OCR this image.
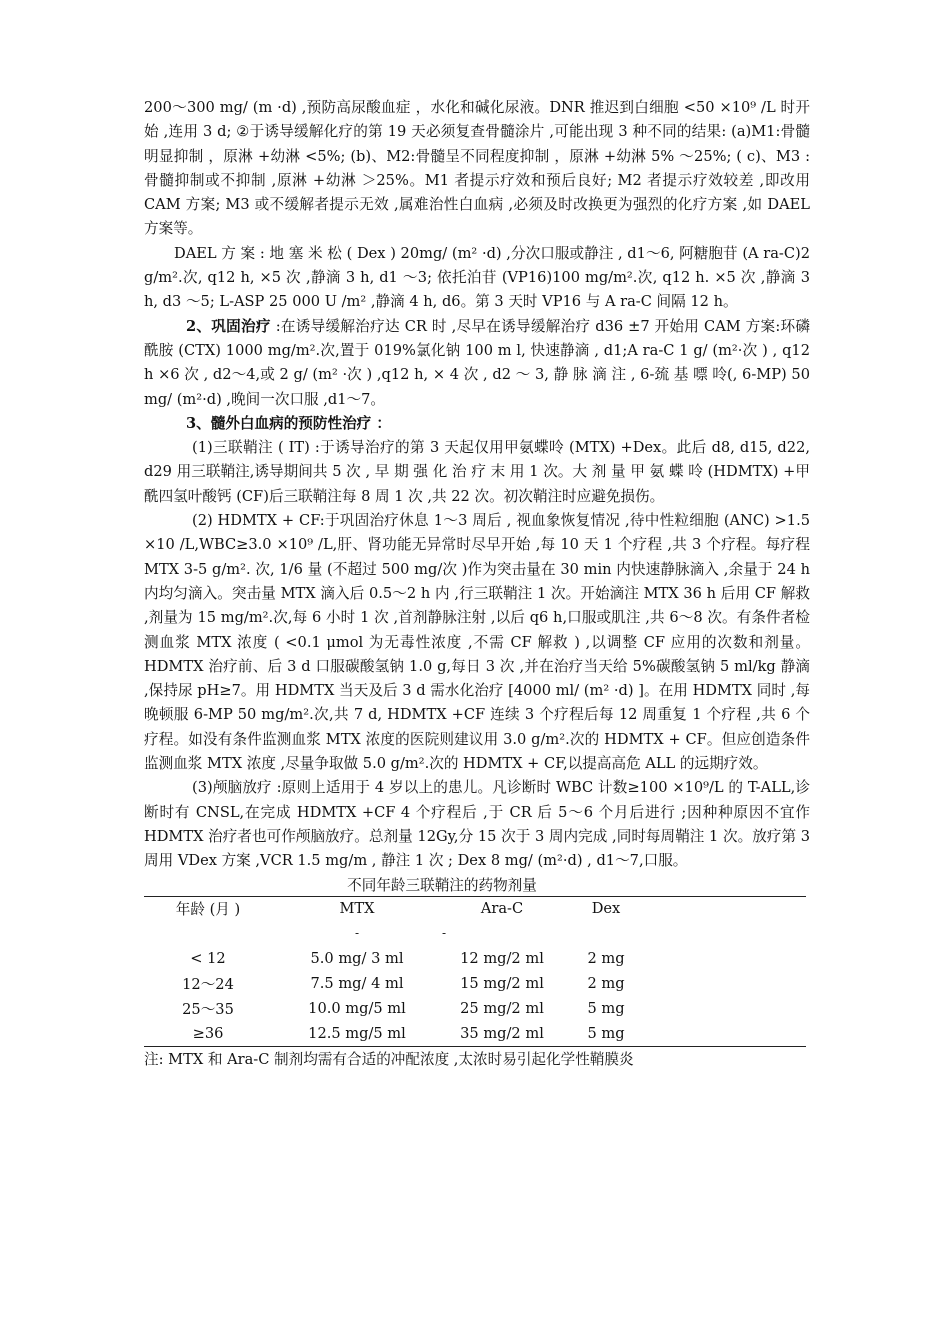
200～300 mg/ (m ·d) ,预防高尿酸血症 ，水化和碱化尿液。DNR 推迟到白细胞 <50 ×10⁹ /L 时开始 ,连用 3 d; ②于诱导缓解化疗的第 19 天必须复查骨髓涂片 ,可能出现 3 种不同的结果: (a)M1:骨髓明显抑制 ，原淋 +幼淋 <5%; (b)、M2:骨髓呈不同程度抑制 ，原淋 +幼淋 5% ～25%; ( c)、M3 :骨髓抑制或不抑制 ,原淋 +幼淋 ＞25%。M1 者提示疗效和预后良好; M2 者提示疗效较差 ,即改用 CAM 方案; M3 或不缓解者提示无效 ,属难治性白血病 ,必须及时改换更为强烈的化疗方案 ,如 DAEL 方案等。

DAEL 方 案 : 地 塞 米 松 ( Dex ) 20mg/ (m² ·d) ,分次口服或静注 , d1～6, 阿糖胞苷 (A ra-C)2 g/m².次, q12 h, ×5 次 ,静滴 3 h, d1 ～3; 依托泊苷 (VP16)100 mg/m².次, q12 h. ×5 次 ,静滴 3 h, d3 ～5; L-ASP 25 000 U /m² ,静滴 4 h, d6。第 3 天时 VP16 与 A ra-C 间隔 12 h。

2、巩固治疗 :在诱导缓解治疗达 CR 时 ,尽早在诱导缓解治疗 d36 ±7 开始用 CAM 方案:环磷酰胺 (CTX) 1000 mg/m².次,置于 019%氯化钠 100 m l, 快速静滴 , d1;A ra-C 1 g/ (m²·次 ) , q12 h ×6 次 , d2～4,或 2 g/ (m² ·次 ) ,q12 h, × 4 次 , d2 ～ 3, 静 脉 滴 注 , 6-巯 基 嘌 呤(, 6-MP) 50 mg/ (m²·d) ,晚间一次口服 ,d1～7。

3、髓外白血病的预防性治疗 ：

(1)三联鞘注 ( IT) :于诱导治疗的第 3 天起仅用甲氨蝶呤 (MTX) +Dex。此后 d8, d15, d22, d29 用三联鞘注,诱导期间共 5 次 , 早 期 强 化 治 疗 末 用 1 次。大 剂 量 甲 氨 蝶 呤 (HDMTX) +甲酰四氢叶酸钙 (CF)后三联鞘注每 8 周 1 次 ,共 22 次。初次鞘注时应避免损伤。

(2) HDMTX + CF:于巩固治疗休息 1～3 周后 , 视血象恢复情况 ,待中性粒细胞 (ANC) >1.5 ×10 /L,WBC≥3.0 ×10⁹ /L,肝、肾功能无异常时尽早开始 ,每 10 天 1 个疗程 ,共 3 个疗程。每疗程 MTX 3-5 g/m². 次, 1/6 量 (不超过 500 mg/次 )作为突击量在 30 min 内快速静脉滴入 ,余量于 24 h 内均匀滴入。突击量 MTX 滴入后 0.5～2 h 内 ,行三联鞘注 1 次。开始滴注 MTX 36 h 后用 CF 解救 ,剂量为 15 mg/m².次,每 6 小时 1 次 ,首剂静脉注射 ,以后 q6 h,口服或肌注 ,共 6～8 次。有条件者检测血浆 MTX 浓度 ( <0.1 μmol 为无毒性浓度 ,不需 CF 解救 ) ,以调整 CF 应用的次数和剂量。HDMTX 治疗前、后 3 d 口服碳酸氢钠 1.0 g,每日 3 次 ,并在治疗当天给 5%碳酸氢钠 5 ml/kg 静滴 ,保持尿 pH≥7。用 HDMTX 当天及后 3 d 需水化治疗 [4000 ml/ (m² ·d) ]。在用 HDMTX 同时 ,每晚顿服 6-MP 50 mg/m².次,共 7 d, HDMTX +CF 连续 3 个疗程后每 12 周重复 1 个疗程 ,共 6 个疗程。如没有条件监测血浆 MTX 浓度的医院则建议用 3.0 g/m².次的 HDMTX + CF。但应创造条件监测血浆 MTX 浓度 ,尽量争取做 5.0 g/m².次的 HDMTX + CF,以提高高危 ALL 的远期疗效。

(3)颅脑放疗 :原则上适用于 4 岁以上的患儿。凡诊断时 WBC 计数≥100 ×10⁹/L 的 T-ALL,诊断时有 CNSL,在完成 HDMTX +CF 4 个疗程后 ,于 CR 后 5～6 个月后进行 ;因种种原因不宜作 HDMTX 治疗者也可作颅脑放疗。总剂量 12Gy,分 15 次于 3 周内完成 ,同时每周鞘注 1 次。放疗第 3 周用 VDex 方案 ,VCR 1.5 mg/m , 静注 1 次 ; Dex 8 mg/ (m²·d) , d1～7,口服。

不同年龄三联鞘注的药物剂量
年龄 (月 )	MTX	Ara-C	Dex	
	-	-		
< 12	5.0 mg/ 3 ml	12 mg/2 ml	2 mg	
12～24	7.5 mg/ 4 ml	15 mg/2 ml	2 mg	
25～35	10.0 mg/5 ml	25 mg/2 ml	5 mg	
≥36	12.5 mg/5 ml	35 mg/2 ml	5 mg	
注: MTX 和 Ara-C 制剂均需有合适的冲配浓度 ,太浓时易引起化学性鞘膜炎
